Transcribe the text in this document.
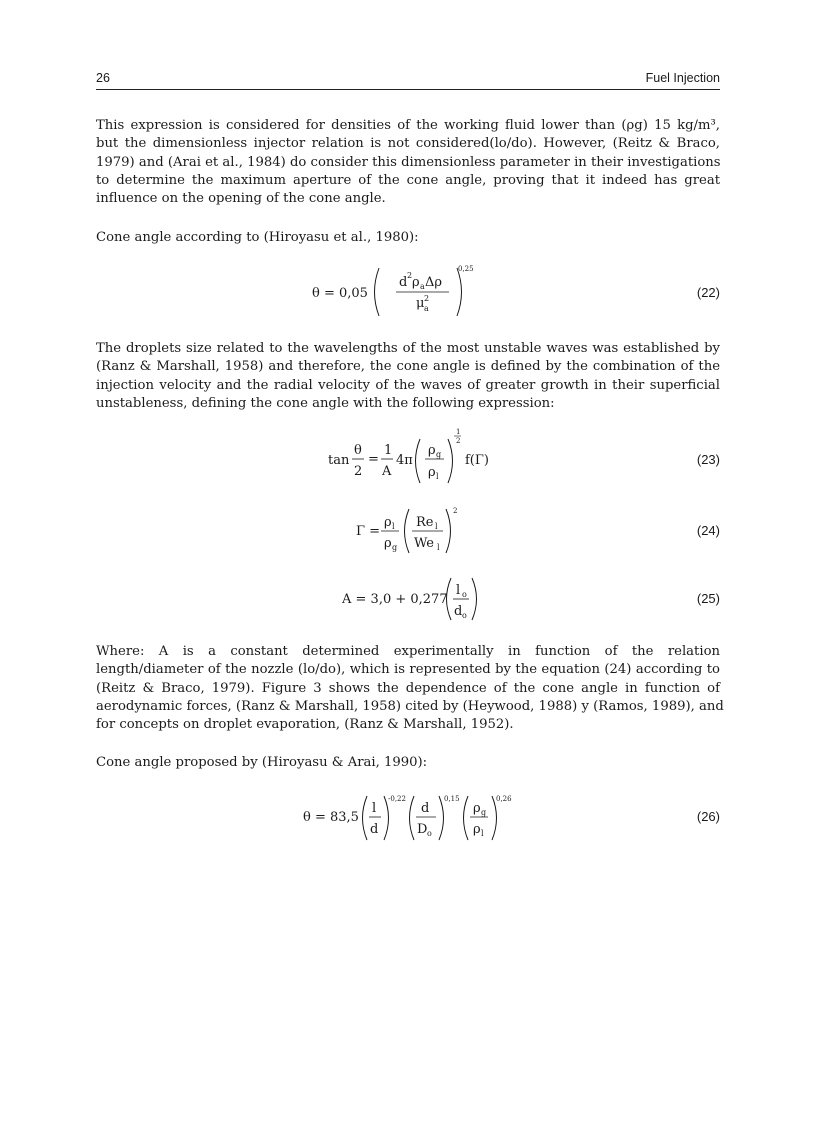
26	Fuel Injection
This expression is considered for densities of the working fluid lower than (ρg) 15 kg/m³,
but the dimensionless injector relation is not considered(lo/do). However, (Reitz & Braco,
1979) and (Arai et al., 1984) do consider this dimensionless parameter in their investigations
to determine the maximum aperture of the cone angle, proving that it indeed has great
influence on the opening of the cone angle.
Cone angle according to (Hiroyasu et al., 1980):
θ = 0,05
d 2 ρ a Δρ
μ 2
a
0,25
(22)
The droplets size related to the wavelengths of the most unstable waves was established by
(Ranz & Marshall, 1958) and therefore, the cone angle is defined by the combination of the
injection velocity and the radial velocity of the waves of greater growth in their superficial
unstableness, defining the cone angle with the following expression:
tan
θ
2
=
1
A
4π
ρ g
ρ l
1
2
f(Γ)	(23)
Γ =
ρ l
ρ g
Re l
We l
2
(24)
A = 3,0 + 0,277
l o
d o
(25)
Where: A is a constant determined experimentally in function of the relation
length/diameter of the nozzle (lo/do), which is represented by the equation (24) according to
(Reitz & Braco, 1979). Figure 3 shows the dependence of the cone angle in function of
aerodynamic forces, (Ranz & Marshall, 1958) cited by (Heywood, 1988) y (Ramos, 1989), and
for concepts on droplet evaporation, (Ranz & Marshall, 1952).
Cone angle proposed by (Hiroyasu & Arai, 1990):
θ = 83,5
l
d
-0,22
d
D o
0,15
ρ g
ρ l
0,26
(26)
